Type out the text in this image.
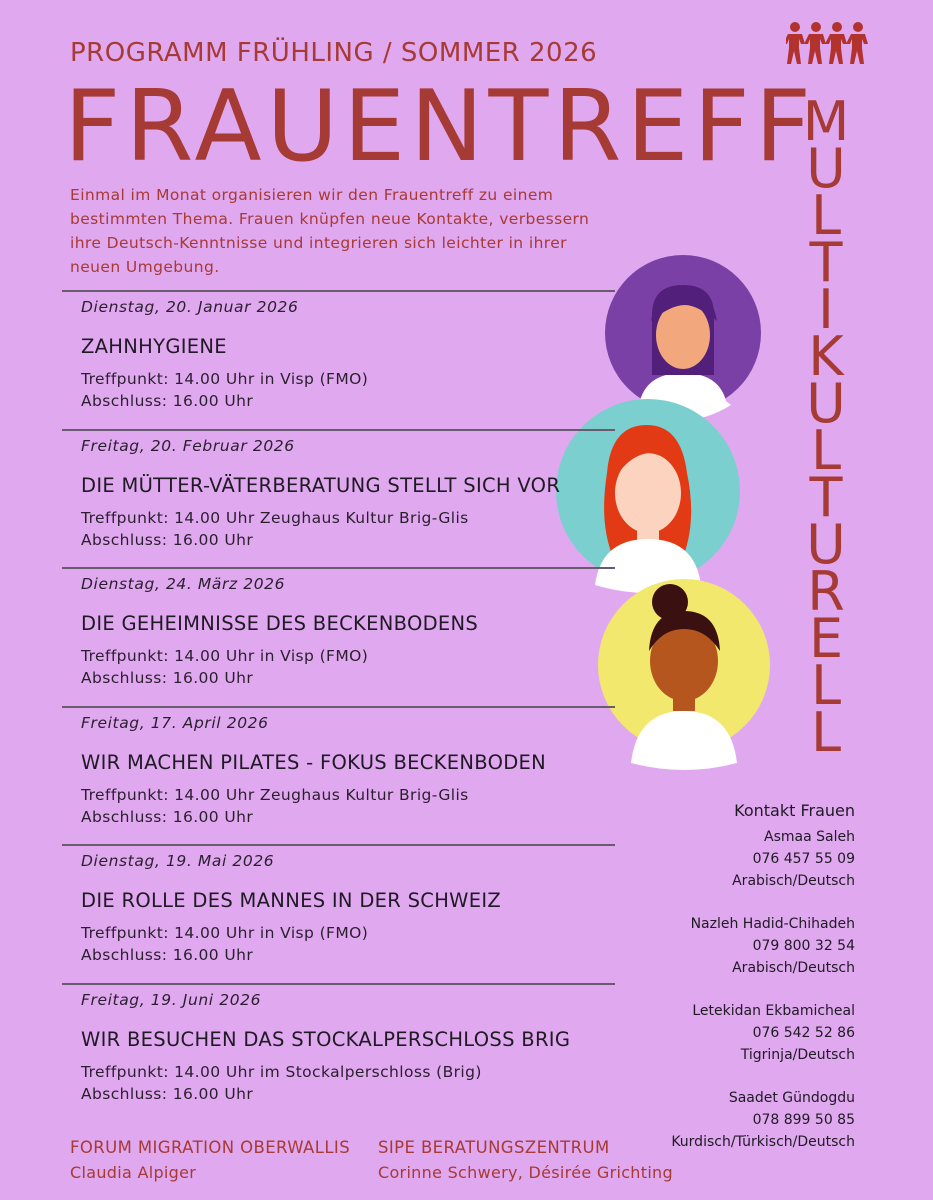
PROGRAMM FRÜHLING / SOMMER 2026
FRAUENTREFF
Einmal im Monat organisieren wir den Frauentreff zu einem bestimmten Thema. Frauen knüpfen neue Kontakte, verbessern ihre Deutsch-Kenntnisse und integrieren sich leichter in ihrer neuen Umgebung.
M
U
L
T
I
K
U
L
T
U
R
E
L
L
Dienstag, 20. Januar 2026
ZAHNHYGIENE
Treffpunkt: 14.00 Uhr in Visp (FMO)
Abschluss: 16.00 Uhr
Freitag, 20. Februar 2026
DIE MÜTTER-VÄTERBERATUNG STELLT SICH VOR
Treffpunkt: 14.00 Uhr Zeughaus Kultur Brig-Glis
Abschluss: 16.00 Uhr
Dienstag, 24. März 2026
DIE GEHEIMNISSE DES BECKENBODENS
Treffpunkt: 14.00 Uhr in Visp (FMO)
Abschluss: 16.00 Uhr
Freitag, 17. April 2026
WIR MACHEN PILATES - FOKUS BECKENBODEN
Treffpunkt: 14.00 Uhr Zeughaus Kultur Brig-Glis
Abschluss: 16.00 Uhr
Dienstag, 19. Mai 2026
DIE ROLLE DES MANNES IN DER SCHWEIZ
Treffpunkt: 14.00 Uhr in Visp (FMO)
Abschluss: 16.00 Uhr
Freitag, 19. Juni 2026
WIR BESUCHEN DAS STOCKALPERSCHLOSS BRIG
Treffpunkt: 14.00 Uhr im Stockalperschloss (Brig)
Abschluss: 16.00 Uhr
Kontakt Frauen
Asmaa Saleh
076 457 55 09
Arabisch/Deutsch
Nazleh Hadid-Chihadeh
079 800 32 54
Arabisch/Deutsch
Letekidan Ekbamicheal
076 542 52 86
Tigrinja/Deutsch
Saadet Gündogdu
078 899 50 85
Kurdisch/Türkisch/Deutsch
FORUM MIGRATION OBERWALLIS
Claudia Alpiger
SIPE BERATUNGSZENTRUM
Corinne Schwery, Désirée Grichting
